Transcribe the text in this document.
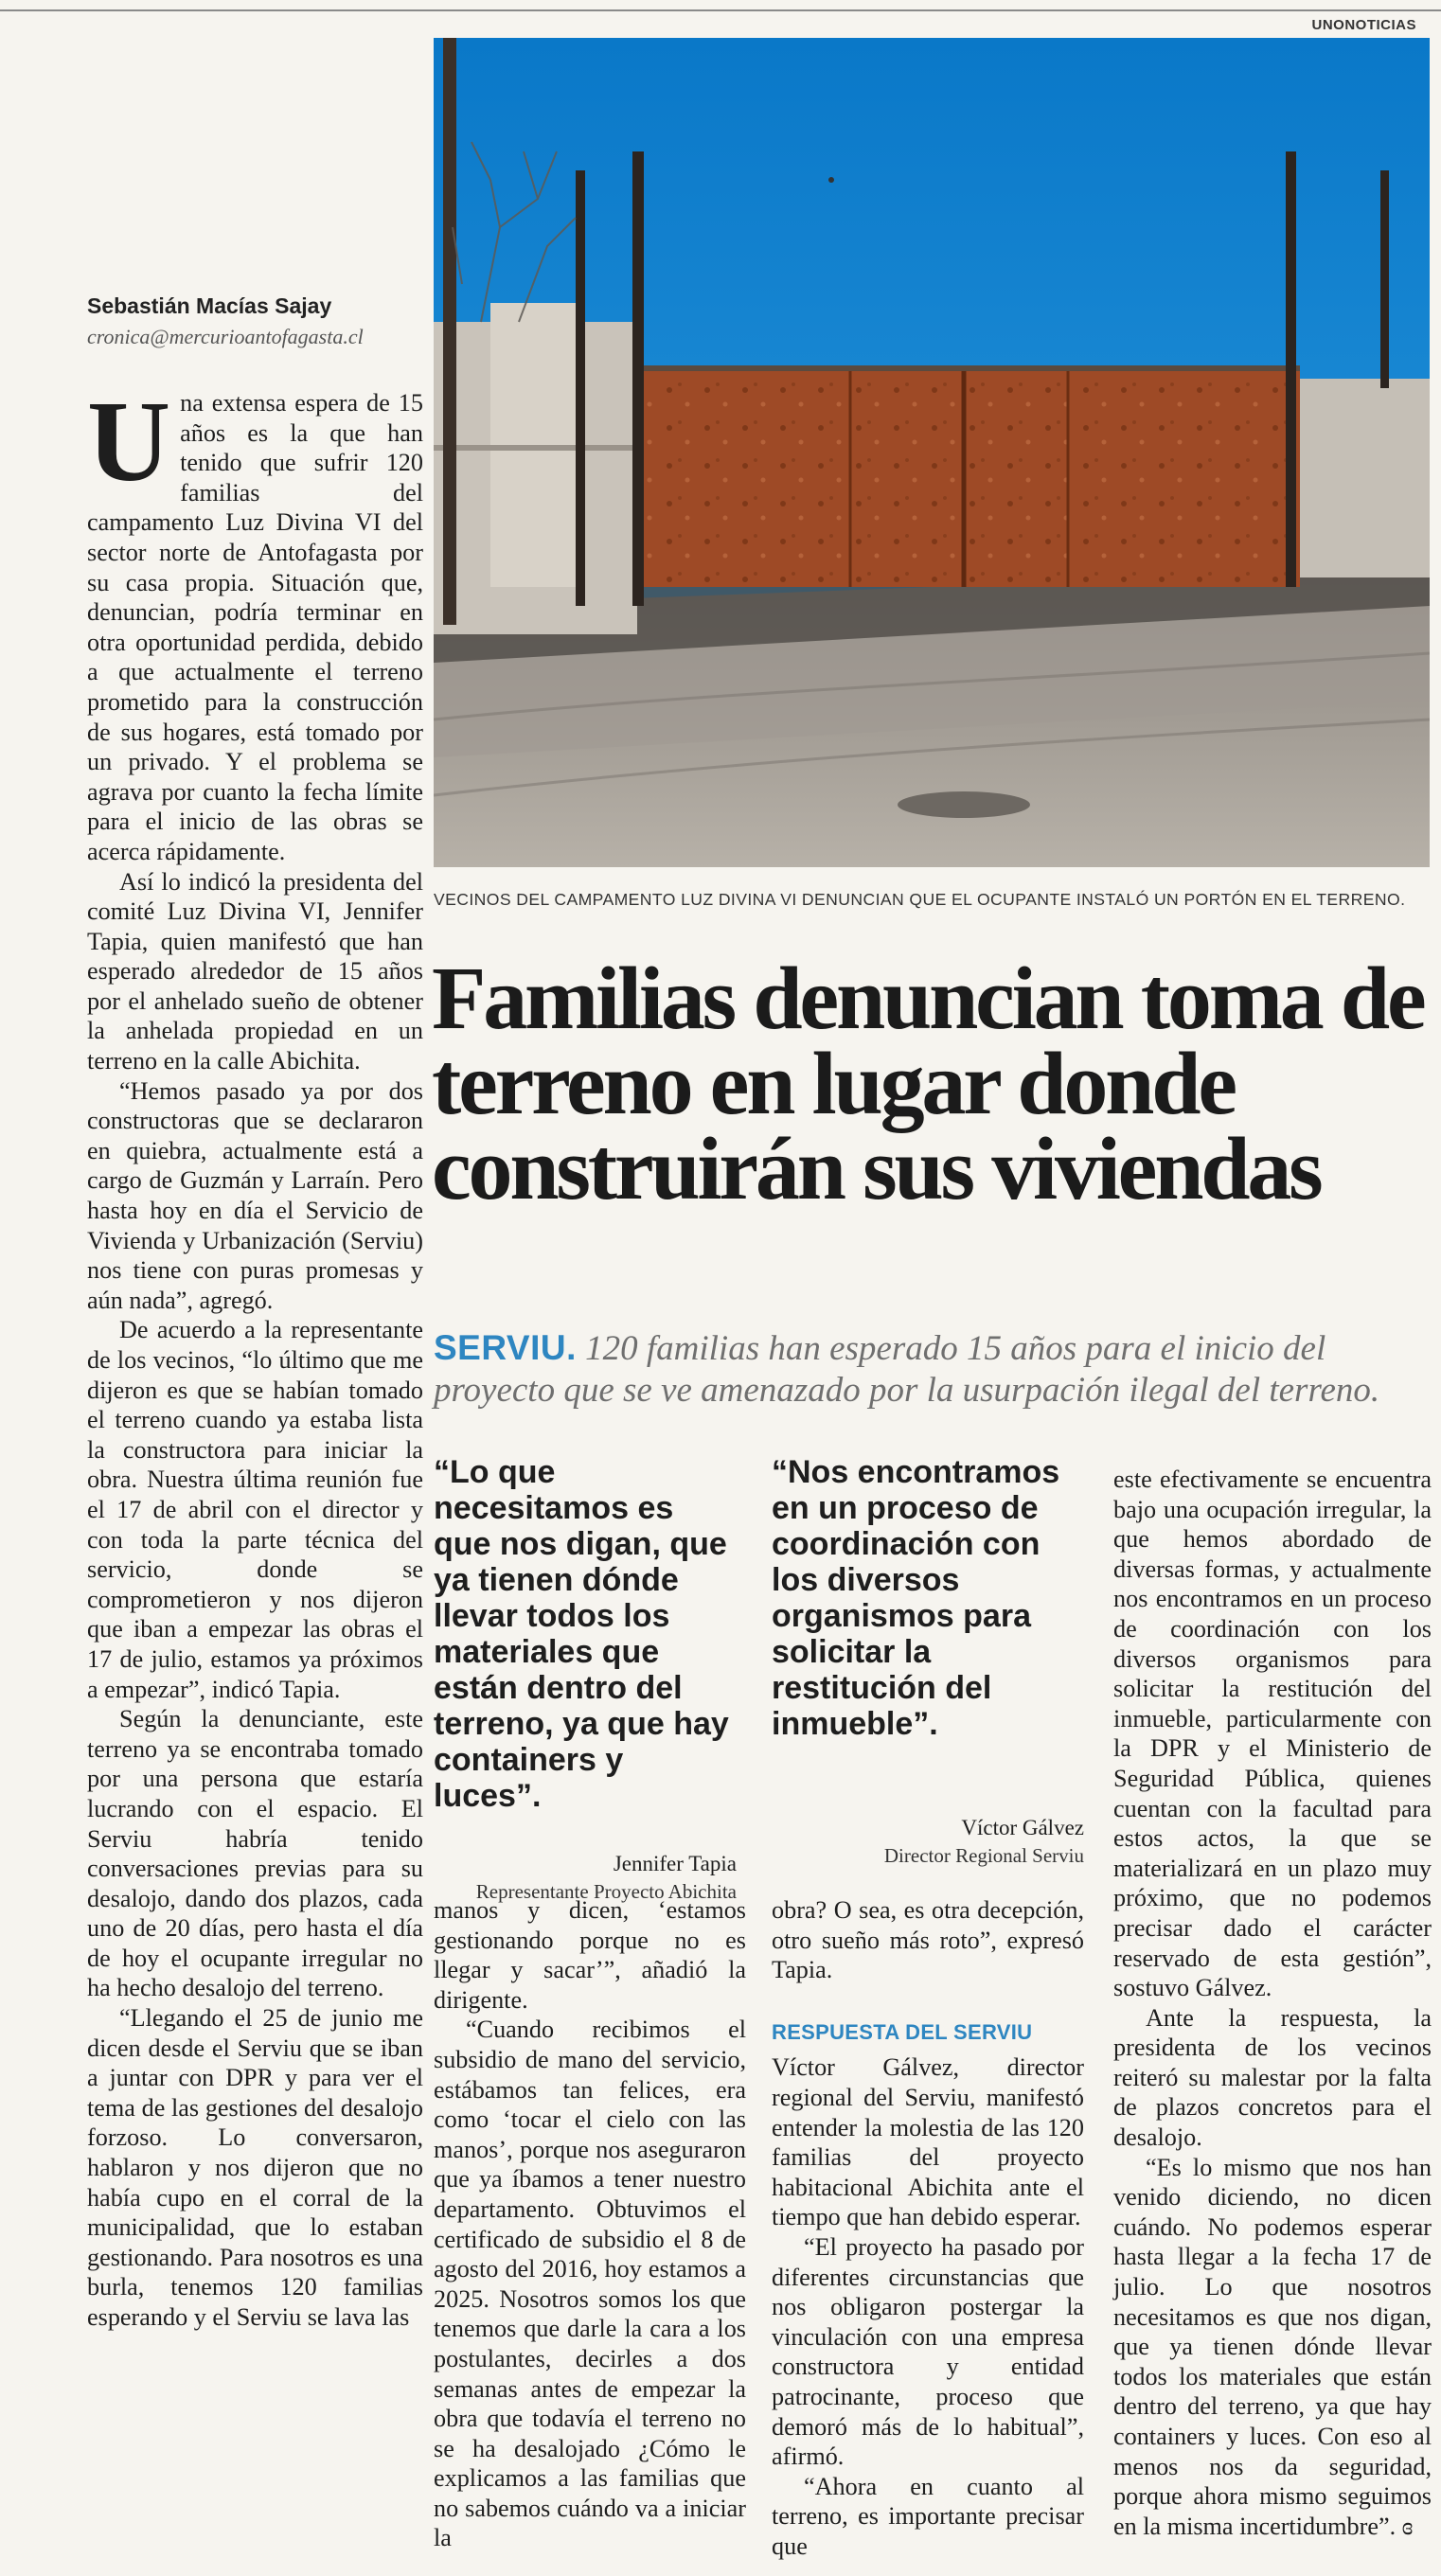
UNONOTICIAS
VECINOS DEL CAMPAMENTO LUZ DIVINA VI DENUNCIAN QUE EL OCUPANTE INSTALÓ UN PORTÓN EN EL TERRENO.
Familias denuncian toma de terreno en lugar donde construirán sus viviendas
SERVIU. 120 familias han esperado 15 años para el inicio del proyecto que se ve amenazado por la usurpación ilegal del terreno.
Sebastián Macías Sajay
cronica@mercurioantofagasta.cl
U na extensa espera de 15 años es la que han tenido que sufrir 120 familias del campamento Luz Divina VI del sector norte de Antofagasta por su casa propia. Situación que, denuncian, podría terminar en otra oportunidad perdida, debido a que actualmente el terreno prometido para la construcción de sus hogares, está tomado por un privado. Y el problema se agrava por cuanto la fecha límite para el inicio de las obras se acerca rápidamente.

Así lo indicó la presidenta del comité Luz Divina VI, Jennifer Tapia, quien manifestó que han esperado alrededor de 15 años por el anhelado sueño de obtener la anhelada propiedad en un terreno en la calle Abichita.

“Hemos pasado ya por dos constructoras que se declararon en quiebra, actualmente está a cargo de Guzmán y Larraín. Pero hasta hoy en día el Servicio de Vivienda y Urbanización (Serviu) nos tiene con puras promesas y aún nada”, agregó.

De acuerdo a la representante de los vecinos, “lo último que me dijeron es que se habían tomado el terreno cuando ya estaba lista la constructora para iniciar la obra. Nuestra última reunión fue el 17 de abril con el director y con toda la parte técnica del servicio, donde se comprometieron y nos dijeron que iban a empezar las obras el 17 de julio, estamos ya próximos a empezar”, indicó Tapia.

Según la denunciante, este terreno ya se encontraba tomado por una persona que estaría lucrando con el espacio. El Serviu habría tenido conversaciones previas para su desalojo, dando dos plazos, cada uno de 20 días, pero hasta el día de hoy el ocupante irregular no ha hecho desalojo del terreno.

“Llegando el 25 de junio me dicen desde el Serviu que se iban a juntar con DPR y para ver el tema de las gestiones del desalojo forzoso. Lo conversaron, hablaron y nos dijeron que no había cupo en el corral de la municipalidad, que lo estaban gestionando. Para nosotros es una burla, tenemos 120 familias esperando y el Serviu se lava las

“Lo que necesitamos es que nos digan, que ya tienen dónde llevar todos los materiales que están dentro del terreno, ya que hay containers y luces”.
Jennifer Tapia
Representante Proyecto Abichita
“Nos encontramos en un proceso de coordinación con los diversos organismos para solicitar la restitución del inmueble”.
Víctor Gálvez
Director Regional Serviu

manos y dicen, ‘estamos gestionando porque no es llegar y sacar’”, añadió la dirigente.

“Cuando recibimos el subsidio de mano del servicio, estábamos tan felices, era como ‘tocar el cielo con las manos’, porque nos aseguraron que ya íbamos a tener nuestro departamento. Obtuvimos el certificado de subsidio el 8 de agosto del 2016, hoy estamos a 2025. Nosotros somos los que tenemos que darle la cara a los postulantes, decirles a dos semanas antes de empezar la obra que todavía el terreno no se ha desalojado ¿Cómo le explicamos a las familias que no sabemos cuándo va a iniciar la

obra? O sea, es otra decepción, otro sueño más roto”, expresó Tapia.

RESPUESTA DEL SERVIU

Víctor Gálvez, director regional del Serviu, manifestó entender la molestia de las 120 familias del proyecto habitacional Abichita ante el tiempo que han debido esperar.

“El proyecto ha pasado por diferentes circunstancias que nos obligaron postergar la vinculación con una empresa constructora y entidad patrocinante, proceso que demoró más de lo habitual”, afirmó.

“Ahora en cuanto al terreno, es importante precisar que

este efectivamente se encuentra bajo una ocupación irregular, la que hemos abordado de diversas formas, y actualmente nos encontramos en un proceso de coordinación con los diversos organismos para solicitar la restitución del inmueble, particularmente con la DPR y el Ministerio de Seguridad Pública, quienes cuentan con la facultad para estos actos, la que se materializará en un plazo muy próximo, que no podemos precisar dado el carácter reservado de esta gestión”, sostuvo Gálvez.

Ante la respuesta, la presidenta de los vecinos reiteró su malestar por la falta de plazos concretos para el desalojo.

“Es lo mismo que nos han venido diciendo, no dicen cuándo. No podemos esperar hasta llegar a la fecha 17 de julio. Lo que nosotros necesitamos es que nos digan, que ya tienen dónde llevar todos los materiales que están dentro del terreno, ya que hay containers y luces. Con eso al menos nos da seguridad, porque ahora mismo seguimos en la misma incertidumbre”. ɞ
